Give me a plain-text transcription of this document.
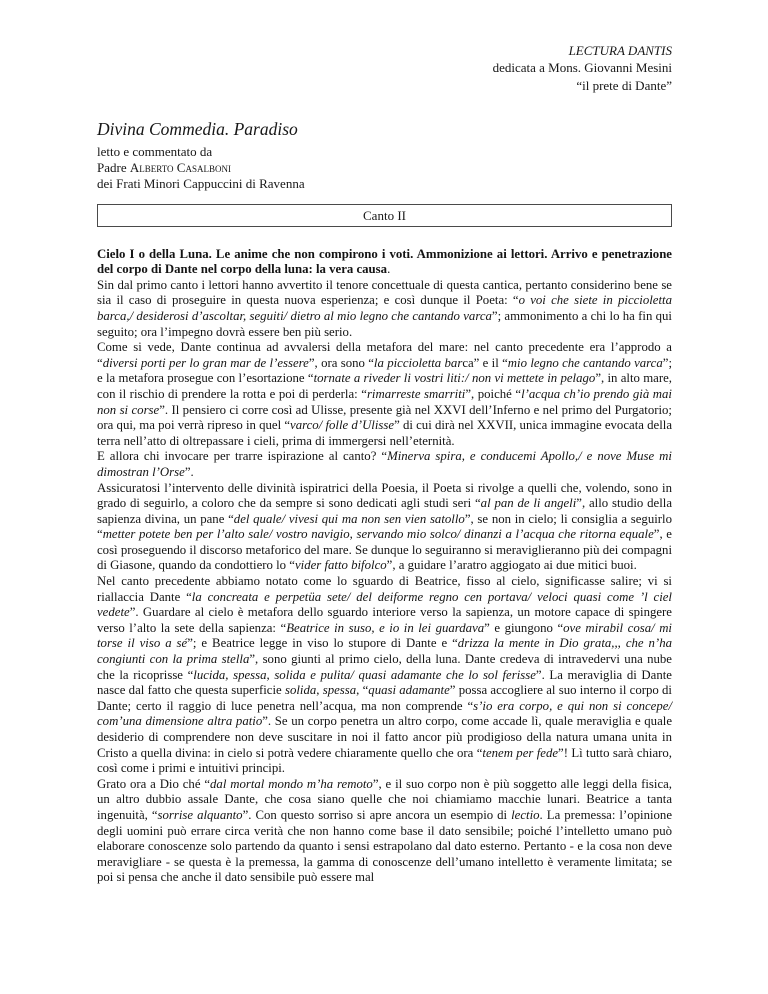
LECTURA DANTIS
dedicata a Mons. Giovanni Mesini
“il prete di Dante”
Divina Commedia. Paradiso
letto e commentato da
Padre Alberto Casalboni
dei Frati Minori Cappuccini di Ravenna
Canto II

Cielo I o della Luna. Le anime che non compirono i voti. Ammonizione ai lettori. Arrivo e penetrazione del corpo di Dante nel corpo della luna: la vera causa.

Sin dal primo canto i lettori hanno avvertito il tenore concettuale di questa cantica, pertanto considerino bene se sia il caso di proseguire in questa nuova esperienza; e così dunque il Poeta: “o voi che siete in piccioletta barca,/ desiderosi d’ascoltar, seguiti/ dietro al mio legno che cantando varca”; ammonimento a chi lo ha fin qui seguito; ora l’impegno dovrà essere ben più serio.

Come si vede, Dante continua ad avvalersi della metafora del mare: nel canto precedente era l’approdo a “diversi porti per lo gran mar de l’essere”, ora sono “la piccioletta barca” e il “mio legno che cantando varca”; e la metafora prosegue con l’esortazione “tornate a riveder li vostri liti:/ non vi mettete in pelago”, in alto mare, con il rischio di prendere la rotta e poi di perderla: “rimarreste smarriti”, poiché “l’acqua ch’io prendo già mai non si corse”. Il pensiero ci corre così ad Ulisse, presente già nel XXVI dell’Inferno e nel primo del Purgatorio; ora qui, ma poi verrà ripreso in quel “varco/ folle d’Ulisse” di cui dirà nel XXVII, unica immagine evocata della terra nell’atto di oltrepassare i cieli, prima di immergersi nell’eternità.

E allora chi invocare per trarre ispirazione al canto? “Minerva spira, e conducemi Apollo,/ e nove Muse mi dimostran l’Orse”.

Assicuratosi l’intervento delle divinità ispiratrici della Poesia, il Poeta si rivolge a quelli che, volendo, sono in grado di seguirlo, a coloro che da sempre si sono dedicati agli studi seri “al pan de li angeli”, allo studio della sapienza divina, un pane “del quale/ vivesi qui ma non sen vien satollo”, se non in cielo; li consiglia a seguirlo “metter potete ben per l’alto sale/ vostro navigio, servando mio solco/ dinanzi a l’acqua che ritorna equale”, e così proseguendo il discorso metaforico del mare. Se dunque lo seguiranno si meraviglieranno più dei compagni di Giasone, quando da condottiero lo “vider fatto bifolco”, a guidare l’aratro aggiogato ai due mitici buoi.

Nel canto precedente abbiamo notato come lo sguardo di Beatrice, fisso al cielo, significasse salire; vi si riallaccia Dante “la concreata e perpetüa sete/ del deiforme regno cen portava/ veloci quasi come ’l ciel vedete”. Guardare al cielo è metafora dello sguardo interiore verso la sapienza, un motore capace di spingere verso l’alto la sete della sapienza: “Beatrice in suso, e io in lei guardava” e giungono “ove mirabil cosa/ mi torse il viso a sé”; e Beatrice legge in viso lo stupore di Dante e “drizza la mente in Dio grata,,, che n’ha congiunti con la prima stella”, sono giunti al primo cielo, della luna. Dante credeva di intravedervi una nube che la ricoprisse “lucida, spessa, solida e pulita/ quasi adamante che lo sol ferisse”. La meraviglia di Dante nasce dal fatto che questa superficie solida, spessa, “quasi adamante” possa accogliere al suo interno il corpo di Dante; certo il raggio di luce penetra nell’acqua, ma non comprende “s’io era corpo, e qui non si concepe/ com’una dimensione altra patio”. Se un corpo penetra un altro corpo, come accade lì, quale meraviglia e quale desiderio di comprendere non deve suscitare in noi il fatto ancor più prodigioso della natura umana unita in Cristo a quella divina: in cielo si potrà vedere chiaramente quello che ora “tenem per fede”! Lì tutto sarà chiaro, così come i primi e intuitivi principi.

Grato ora a Dio ché “dal mortal mondo m’ha remoto”, e il suo corpo non è più soggetto alle leggi della fisica, un altro dubbio assale Dante, che cosa siano quelle che noi chiamiamo macchie lunari. Beatrice a tanta ingenuità, “sorrise alquanto”. Con questo sorriso si apre ancora un esempio di lectio. La premessa: l’opinione degli uomini può errare circa verità che non hanno come base il dato sensibile; poiché l’intelletto umano può elaborare conoscenze solo partendo da quanto i sensi estrapolano dal dato esterno. Pertanto - e la cosa non deve meravigliare - se questa è la premessa, la gamma di conoscenze dell’umano intelletto è veramente limitata; se poi si pensa che anche il dato sensibile può essere mal
